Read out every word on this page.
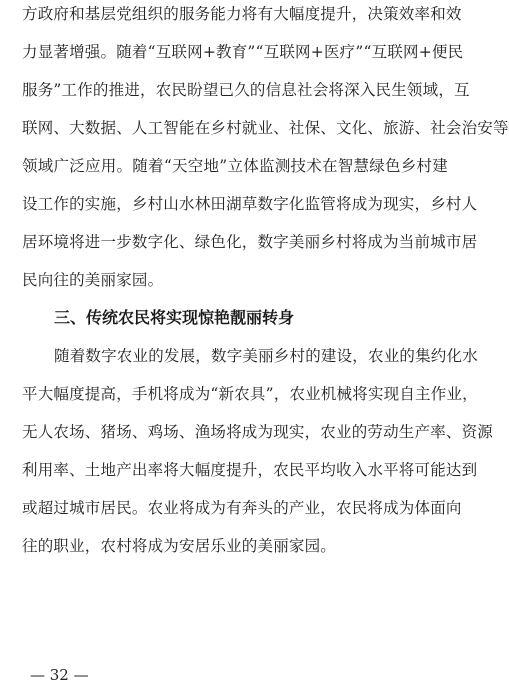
方政府和基层党组织的服务能力将有大幅度提升，决策效率和效
力显著增强。随着“互联网+教育”“互联网+医疗”“互联网+便民
服务”工作的推进，农民盼望已久的信息社会将深入民生领域，互
联网、大数据、人工智能在乡村就业、社保、文化、旅游、社会治安等
领域广泛应用。随着“天空地”立体监测技术在智慧绿色乡村建
设工作的实施，乡村山水林田湖草数字化监管将成为现实，乡村人
居环境将进一步数字化、绿色化，数字美丽乡村将成为当前城市居
民向往的美丽家园。
三、传统农民将实现惊艳靓丽转身
随着数字农业的发展，数字美丽乡村的建设，农业的集约化水
平大幅度提高，手机将成为“新农具”，农业机械将实现自主作业，
无人农场、猪场、鸡场、渔场将成为现实，农业的劳动生产率、资源
利用率、土地产出率将大幅度提升，农民平均收入水平将可能达到
或超过城市居民。农业将成为有奔头的产业，农民将成为体面向
往的职业，农村将成为安居乐业的美丽家园。
— 32 —
